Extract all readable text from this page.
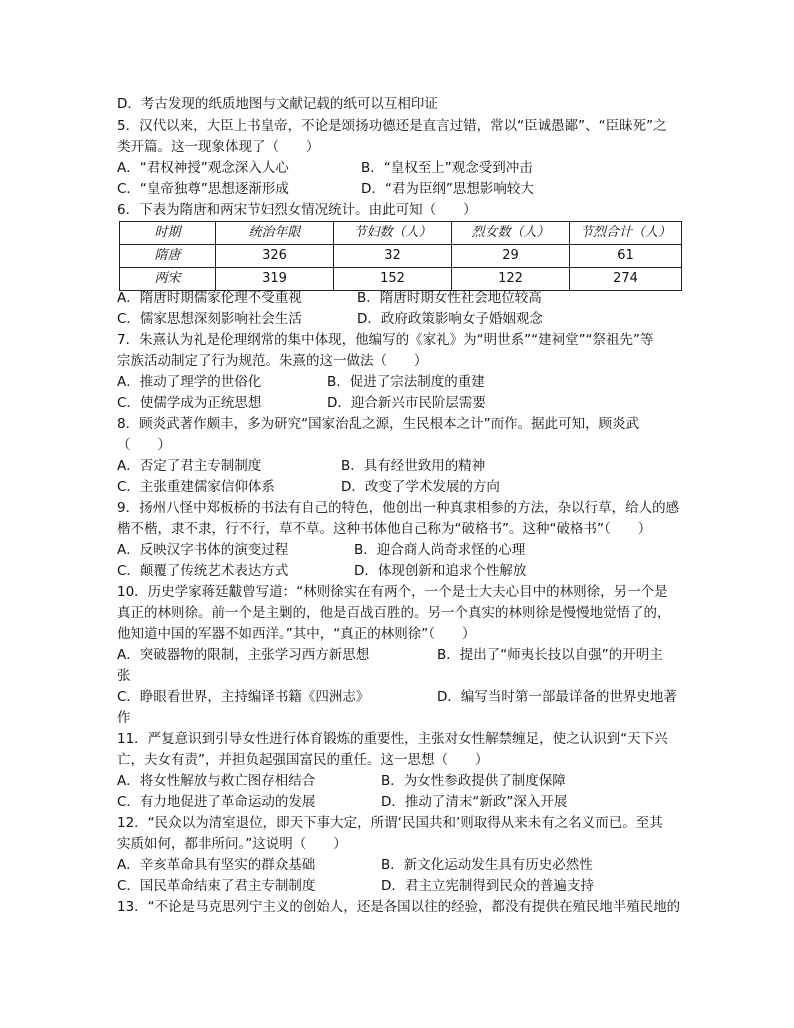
D．考古发现的纸质地图与文献记载的纸可以互相印证
5．汉代以来，大臣上书皇帝，不论是颂扬功德还是直言过错，常以“臣诚愚鄙”、“臣昧死”之
类开篇。这一现象体现了（　　）
A．“君权神授”观念深入人心	B．“皇权至上”观念受到冲击
C．“皇帝独尊”思想逐渐形成	D．“君为臣纲”思想影响较大
6．下表为隋唐和两宋节妇烈女情况统计。由此可知（　　）
时期	统治年限	节妇数（人）	烈女数（人）	节烈合计（人）
隋唐	326	32	29	61
两宋	319	152	122	274
A．隋唐时期儒家伦理不受重视	B．隋唐时期女性社会地位较高
C．儒家思想深刻影响社会生活	D．政府政策影响女子婚姻观念
7．朱熹认为礼是伦理纲常的集中体现，他编写的《家礼》为“明世系”“建祠堂”“祭祖先”等
宗族活动制定了行为规范。朱熹的这一做法（　　）
A．推动了理学的世俗化	B．促进了宗法制度的重建
C．使儒学成为正统思想	D．迎合新兴市民阶层需要
8．顾炎武著作颇丰，多为研究“国家治乱之源，生民根本之计”而作。据此可知，顾炎武
（　　）
A．否定了君主专制制度	B．具有经世致用的精神
C．主张重建儒家信仰体系	D．改变了学术发展的方向
9．扬州八怪中郑板桥的书法有自己的特色，他创出一种真隶相参的方法，杂以行草，给人的感
楷不楷，隶不隶，行不行，草不草。这种书体他自己称为“破格书”。这种“破格书”（　　）
A．反映汉字书体的演变过程	B．迎合商人尚奇求怪的心理
C．颠覆了传统艺术表达方式	D．体现创新和追求个性解放
10．历史学家蒋廷黻曾写道：“林则徐实在有两个，一个是士大夫心目中的林则徐，另一个是
真正的林则徐。前一个是主剿的，他是百战百胜的。另一个真实的林则徐是慢慢地觉悟了的，
他知道中国的军器不如西洋。”其中，“真正的林则徐”（　　）
A．突破器物的限制，主张学习西方新思想	B．提出了“师夷长技以自强”的开明主
张
C．睁眼看世界，主持编译书籍《四洲志》	D．编写当时第一部最详备的世界史地著
作
11．严复意识到引导女性进行体育锻炼的重要性，主张对女性解禁缠足，使之认识到“天下兴
亡，夫女有责”，并担负起强国富民的重任。这一思想（　　）
A．将女性解放与救亡图存相结合	B．为女性参政提供了制度保障
C．有力地促进了革命运动的发展	D．推动了清末“新政”深入开展
12．“民众以为清室退位，即天下事大定，所谓‘民国共和’则取得从来未有之名义而已。至其
实质如何，都非所问。”这说明（　　）
A．辛亥革命具有坚实的群众基础	B．新文化运动发生具有历史必然性
C．国民革命结束了君主专制制度	D．君主立宪制得到民众的普遍支持
13．“不论是马克思列宁主义的创始人，还是各国以往的经验，都没有提供在殖民地半殖民地的
